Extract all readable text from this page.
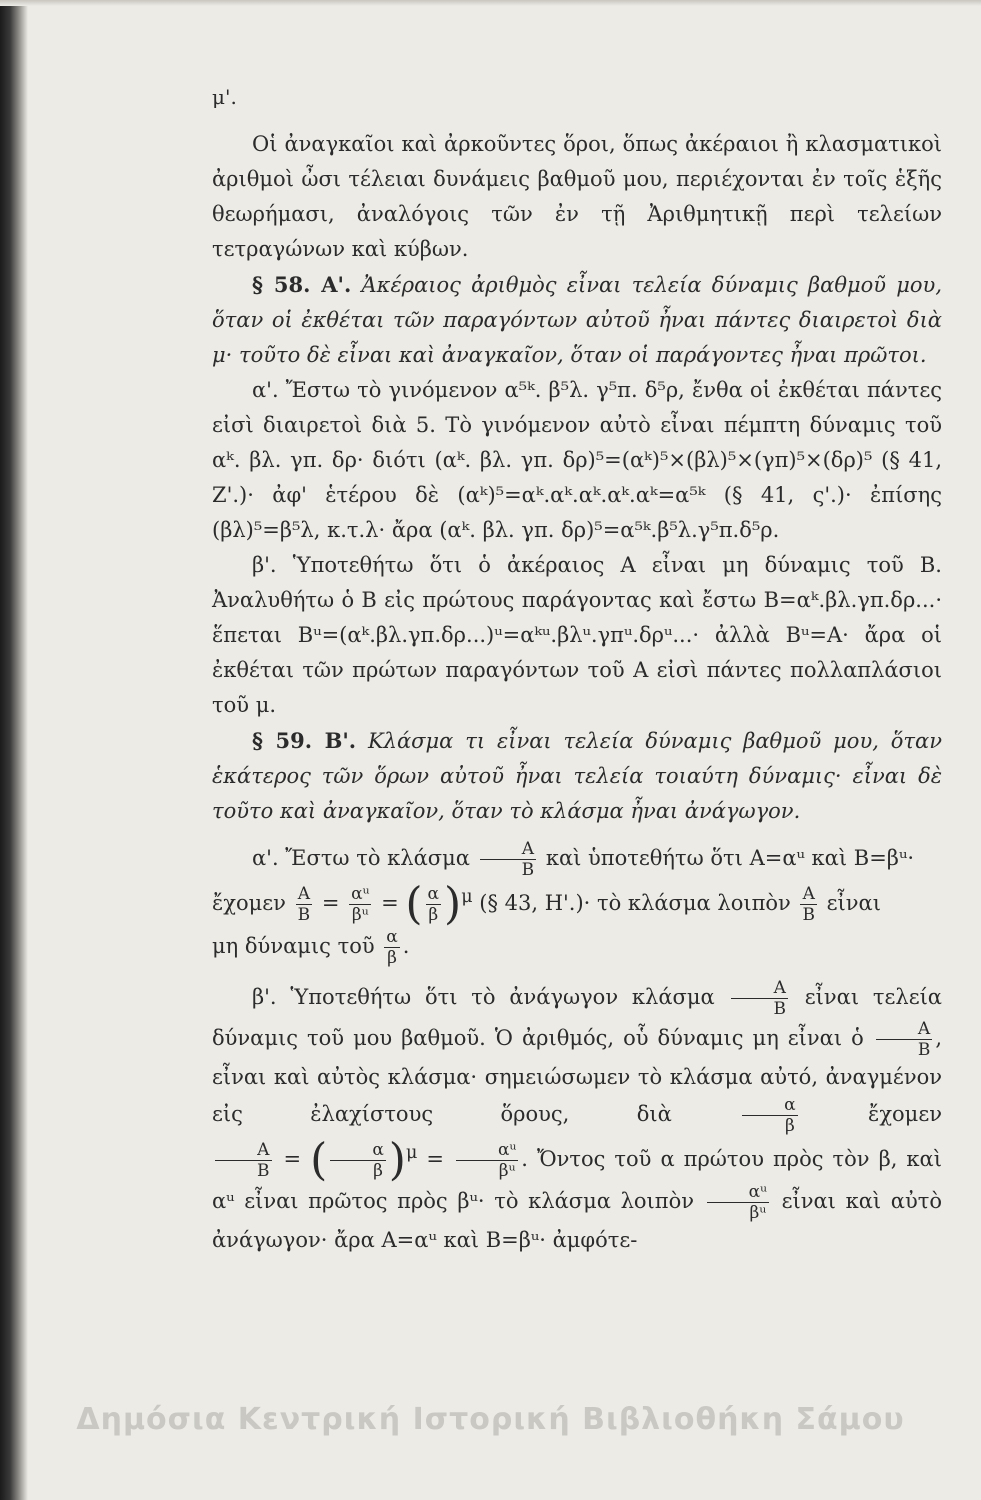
μ'.

Οἱ ἀναγκαῖοι καὶ ἀρκοῦντες ὅροι, ὅπως ἀκέραιοι ἢ κλασματικοὶ ἀριθμοὶ ὦσι τέλειαι δυνάμεις βαθμοῦ μου, περιέχονται ἐν τοῖς ἑξῆς θεωρήμασι, ἀναλόγοις τῶν ἐν τῇ Ἀριθμητικῇ περὶ τελείων τετραγώνων καὶ κύβων.

§ 58. Α'. Ἀκέραιος ἀριθμὸς εἶναι τελεία δύναμις βαθμοῦ μου, ὅταν οἱ ἐκθέται τῶν παραγόντων αὐτοῦ ἦναι πάντες διαιρετοὶ διὰ μ· τοῦτο δὲ εἶναι καὶ ἀναγκαῖον, ὅταν οἱ παράγοντες ἦναι πρῶτοι.

α'. Ἔστω τὸ γινόμενον α⁵ᵏ. β⁵λ. γ⁵π. δ⁵ρ, ἔνθα οἱ ἐκθέται πάντες εἰσὶ διαιρετοὶ διὰ 5. Τὸ γινόμενον αὐτὸ εἶναι πέμπτη δύναμις τοῦ αᵏ. βλ. γπ. δρ· διότι (αᵏ. βλ. γπ. δρ)⁵=(αᵏ)⁵×(βλ)⁵×(γπ)⁵×(δρ)⁵ (§ 41, Ζ'.)· ἀφ' ἑτέρου δὲ (αᵏ)⁵=αᵏ.αᵏ.αᵏ.αᵏ.αᵏ=α⁵ᵏ (§ 41, ς'.)· ἐπίσης (βλ)⁵=β⁵λ, κ.τ.λ· ἄρα (αᵏ. βλ. γπ. δρ)⁵=α⁵ᵏ.β⁵λ.γ⁵π.δ⁵ρ.

β'. Ὑποτεθήτω ὅτι ὁ ἀκέραιος Α εἶναι μη δύναμις τοῦ Β. Ἀναλυθήτω ὁ Β εἰς πρώτους παράγοντας καὶ ἔστω Β=αᵏ.βλ.γπ.δρ...· ἕπεται Βᵘ=(αᵏ.βλ.γπ.δρ...)ᵘ=αᵏᵘ.βλᵘ.γπᵘ.δρᵘ...· ἀλλὰ Βᵘ=Α· ἄρα οἱ ἐκθέται τῶν πρώτων παραγόντων τοῦ Α εἰσὶ πάντες πολλαπλάσιοι τοῦ μ.

§ 59. Β'. Κλάσμα τι εἶναι τελεία δύναμις βαθμοῦ μου, ὅταν ἑκάτερος τῶν ὅρων αὐτοῦ ἦναι τελεία τοιαύτη δύναμις· εἶναι δὲ τοῦτο καὶ ἀναγκαῖον, ὅταν τὸ κλάσμα ἦναι ἀνάγωγον.

α'. Ἔστω τὸ κλάσμα $\frac{A}{B}$ καὶ ὑποτεθήτω ὅτι Α=αᵘ καὶ Β=βᵘ·

ἔχομεν $\frac{A}{B} = \frac{\text{αᵘ}}{\text{βᵘ}}$ = ( $\frac{\alpha}{\beta} )^\mu$ (§ 43, Η'.)· τὸ κλάσμα λοιπὸν $\frac{A}{B}$ εἶναι

μη δύναμις τοῦ $\frac{\alpha}{\beta}$ .

β'. Ὑποτεθήτω ὅτι τὸ ἀνάγωγον κλάσμα $\frac{A}{B}$ εἶναι τελεία δύναμις τοῦ μου βαθμοῦ. Ὁ ἀριθμός, οὗ δύναμις μη εἶναι ὁ $\frac{A}{B}$ , εἶναι καὶ αὐτὸς κλάσμα· σημειώσωμεν τὸ κλάσμα αὐτό, ἀναγμένον εἰς ἐλαχίστους ὅρους, διὰ	$\frac{\alpha}{\beta}$	ἔχομεν
$\frac{A}{B}$ = ( $\frac{\alpha}{\beta} )^\mu = \frac{\text{αᵘ}}{\text{βᵘ}}$ . Ὄντος τοῦ α πρώτου πρὸς τὸν β, καὶ αᵘ εἶναι πρῶτος πρὸς βᵘ· τὸ κλάσμα λοιπὸν $\frac{\text{αᵘ}}{\text{βᵘ}}$ εἶναι καὶ αὐτὸ ἀνάγωγον· ἄρα Α=αᵘ καὶ Β=βᵘ· ἀμφότε-

Δημόσια Κεντρική Ιστορική Βιβλιοθήκη Σάμου
